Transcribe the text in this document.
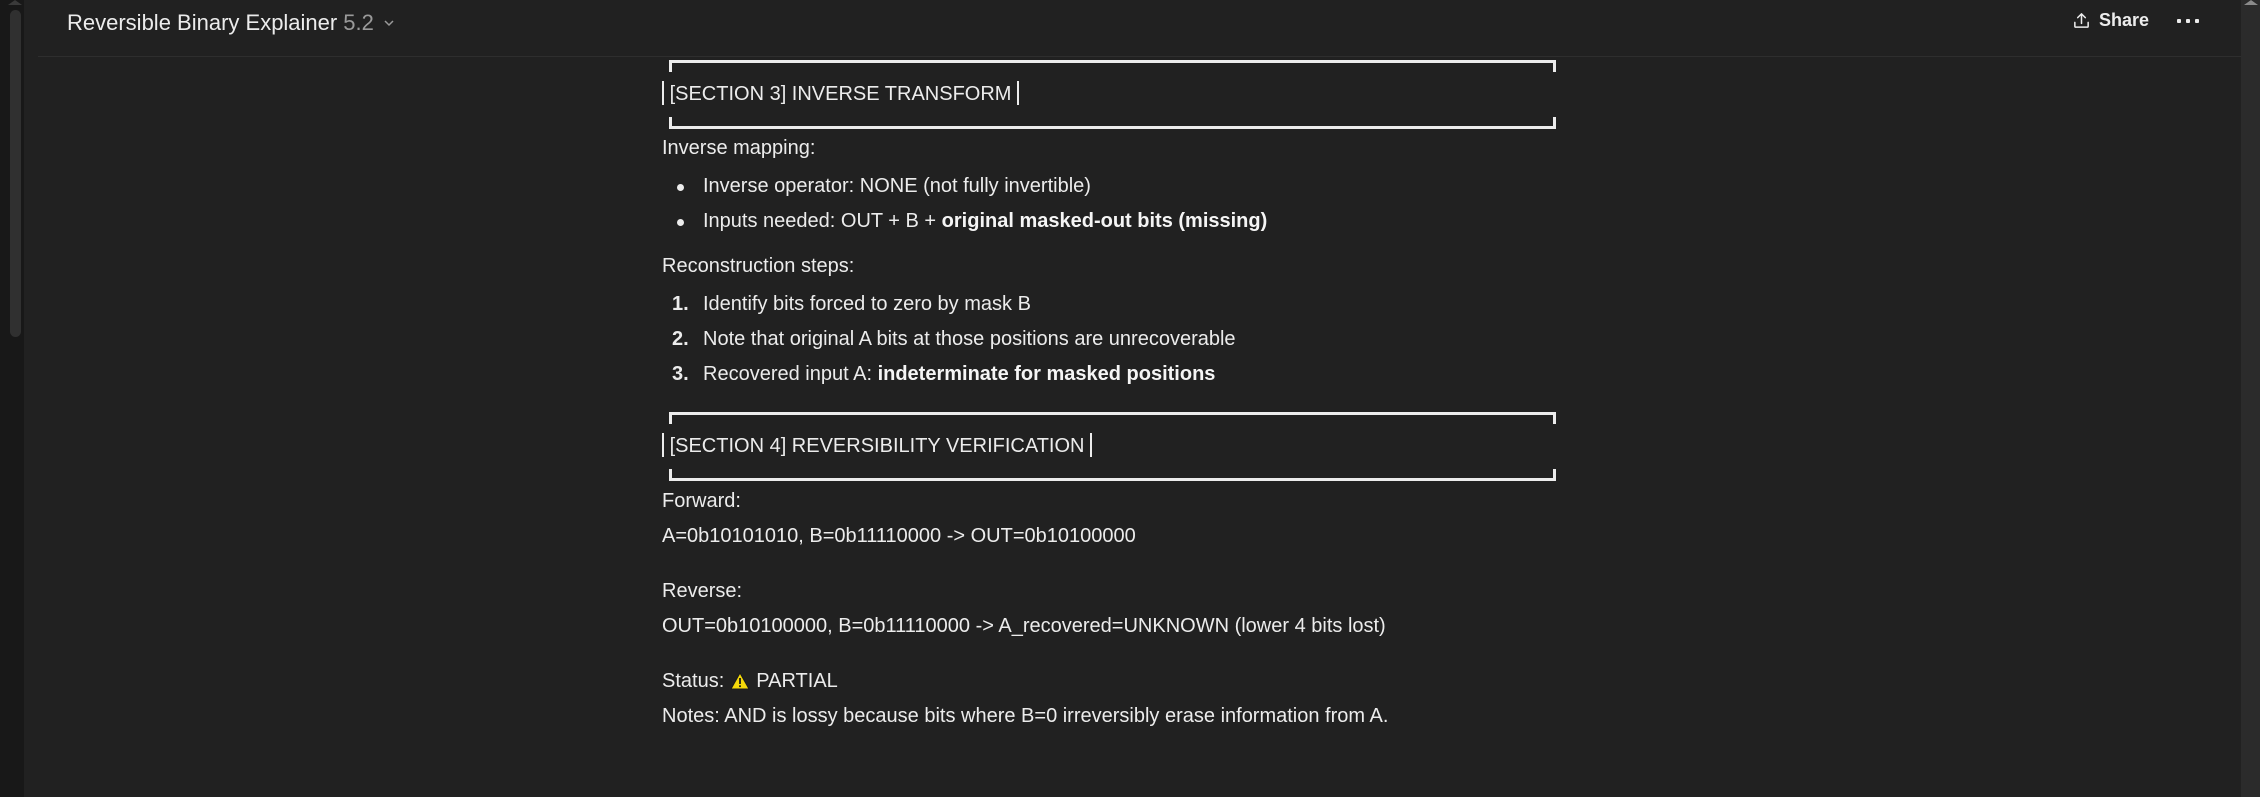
Reversible Binary Explainer 5.2	Share
[SECTION 3] INVERSE TRANSFORM
Inverse mapping:
Inverse operator: NONE (not fully invertible)
Inputs needed: OUT + B + original masked-out bits (missing)
Reconstruction steps:
1. Identify bits forced to zero by mask B
2. Note that original A bits at those positions are unrecoverable
3. Recovered input A: indeterminate for masked positions
[SECTION 4] REVERSIBILITY VERIFICATION
Forward:
A=0b10101010, B=0b11110000 -> OUT=0b10100000
Reverse:
OUT=0b10100000, B=0b11110000 -> A_recovered=UNKNOWN (lower 4 bits lost)
Status: PARTIAL
Notes: AND is lossy because bits where B=0 irreversibly erase information from A.
